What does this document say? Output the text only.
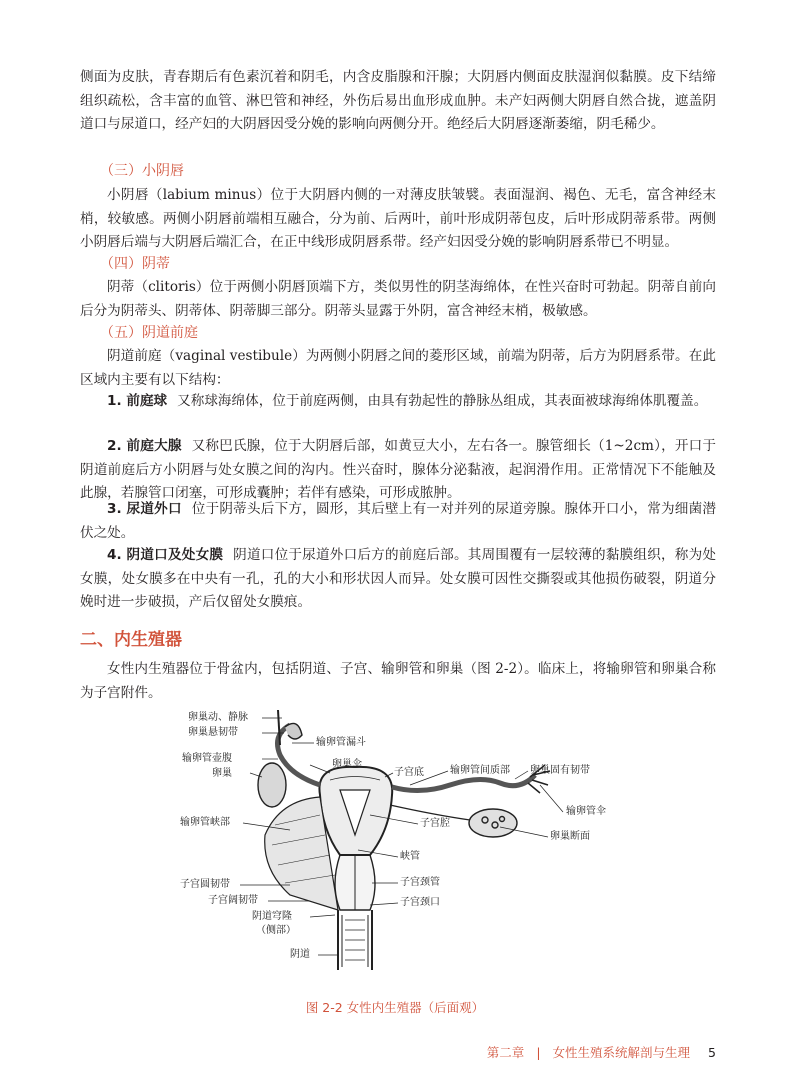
侧面为皮肤，青春期后有色素沉着和阴毛，内含皮脂腺和汗腺；大阴唇内侧面皮肤湿润似黏膜。皮下结缔组织疏松，含丰富的血管、淋巴管和神经，外伤后易出血形成血肿。未产妇两侧大阴唇自然合拢，遮盖阴道口与尿道口，经产妇的大阴唇因受分娩的影响向两侧分开。绝经后大阴唇逐渐萎缩，阴毛稀少。

（三）小阴唇

小阴唇（labium minus）位于大阴唇内侧的一对薄皮肤皱襞。表面湿润、褐色、无毛，富含神经末梢，较敏感。两侧小阴唇前端相互融合，分为前、后两叶，前叶形成阴蒂包皮，后叶形成阴蒂系带。两侧小阴唇后端与大阴唇后端汇合，在正中线形成阴唇系带。经产妇因受分娩的影响阴唇系带已不明显。

（四）阴蒂

阴蒂（clitoris）位于两侧小阴唇顶端下方，类似男性的阴茎海绵体，在性兴奋时可勃起。阴蒂自前向后分为阴蒂头、阴蒂体、阴蒂脚三部分。阴蒂头显露于外阴，富含神经末梢，极敏感。

（五）阴道前庭

阴道前庭（vaginal vestibule）为两侧小阴唇之间的菱形区域，前端为阴蒂，后方为阴唇系带。在此区域内主要有以下结构：

1. 前庭球 又称球海绵体，位于前庭两侧，由具有勃起性的静脉丛组成，其表面被球海绵体肌覆盖。

2. 前庭大腺 又称巴氏腺，位于大阴唇后部，如黄豆大小，左右各一。腺管细长（1~2cm），开口于阴道前庭后方小阴唇与处女膜之间的沟内。性兴奋时，腺体分泌黏液，起润滑作用。正常情况下不能触及此腺，若腺管口闭塞，可形成囊肿；若伴有感染，可形成脓肿。

3. 尿道外口 位于阴蒂头后下方，圆形，其后壁上有一对并列的尿道旁腺。腺体开口小，常为细菌潜伏之处。

4. 阴道口及处女膜 阴道口位于尿道外口后方的前庭后部。其周围覆有一层较薄的黏膜组织，称为处女膜，处女膜多在中央有一孔，孔的大小和形状因人而异。处女膜可因性交撕裂或其他损伤破裂，阴道分娩时进一步破损，产后仅留处女膜痕。

二、内生殖器

女性内生殖器位于骨盆内，包括阴道、子宫、输卵管和卵巢（图 2-2）。临床上，将输卵管和卵巢合称为子宫附件。

卵巢动、静脉
卵巢悬韧带
输卵管漏斗
输卵管壶腹
卵巢伞
卵巢	子宫底	输卵管间质部 卵巢固有韧带
输卵管峡部
输卵管伞
子宫腔
卵巢断面
峡管
子宫圆韧带	子宫颈管
子宫阔韧带	子宫颈口
阴道穹隆
（侧部）
阴道

图 2-2 女性内生殖器（后面观）

第二章 | 女性生殖系统解剖与生理 5
